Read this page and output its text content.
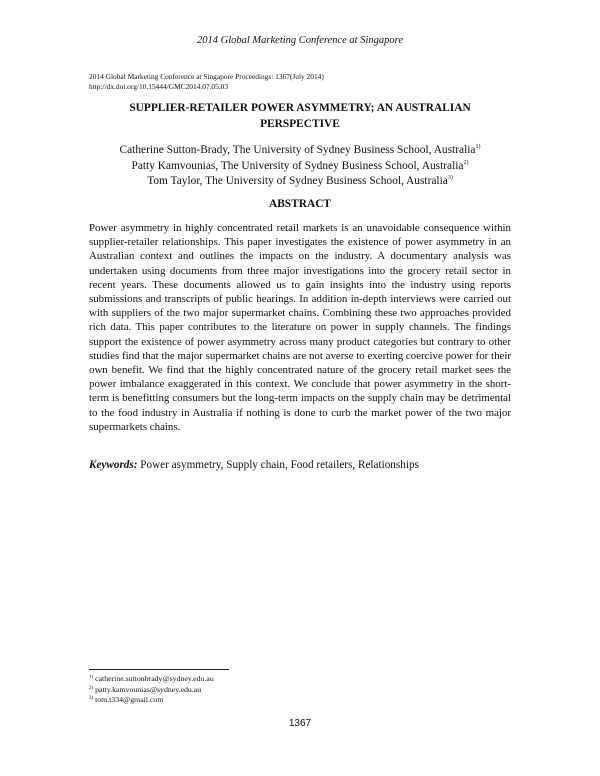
2014 Global Marketing Conference at Singapore
2014 Global Marketing Conference at Singapore Proceedings: 1367(July 2014)
http://dx.doi.org/10.15444/GMC2014.07.05.03
SUPPLIER-RETAILER POWER ASYMMETRY; AN AUSTRALIAN
PERSPECTIVE
Catherine Sutton-Brady, The University of Sydney Business School, Australia$^{1)}$
Patty Kamvounias, The University of Sydney Business School, Australia$^{2)}$
Tom Taylor, The University of Sydney Business School, Australia$^{3)}$
ABSTRACT

Power asymmetry in highly concentrated retail markets is an unavoidable consequence within supplier-retailer relationships. This paper investigates the existence of power asymmetry in an Australian context and outlines the impacts on the industry. A documentary analysis was undertaken using documents from three major investigations into the grocery retail sector in recent years. These documents allowed us to gain insights into the industry using reports submissions and transcripts of public hearings. In addition in-depth interviews were carried out with suppliers of the two major supermarket chains. Combining these two approaches provided rich data. This paper contributes to the literature on power in supply channels. The findings support the existence of power asymmetry across many product categories but contrary to other studies find that the major supermarket chains are not averse to exerting coercive power for their own benefit. We find that the highly concentrated nature of the grocery retail market sees the power imbalance exaggerated in this context. We conclude that power asymmetry in the short-term is benefitting consumers but the long-term impacts on the supply chain may be detrimental to the food industry in Australia if nothing is done to curb the market power of the two major supermarkets chains.

Keywords: Power asymmetry, Supply chain, Food retailers, Relationships
$^{1)}$ catherine.suttonbrady@sydney.edu.au
$^{2)}$ patty.kamvounias@sydney.edu.au
$^{3)}$ tom.t334@gmail.com
1367
